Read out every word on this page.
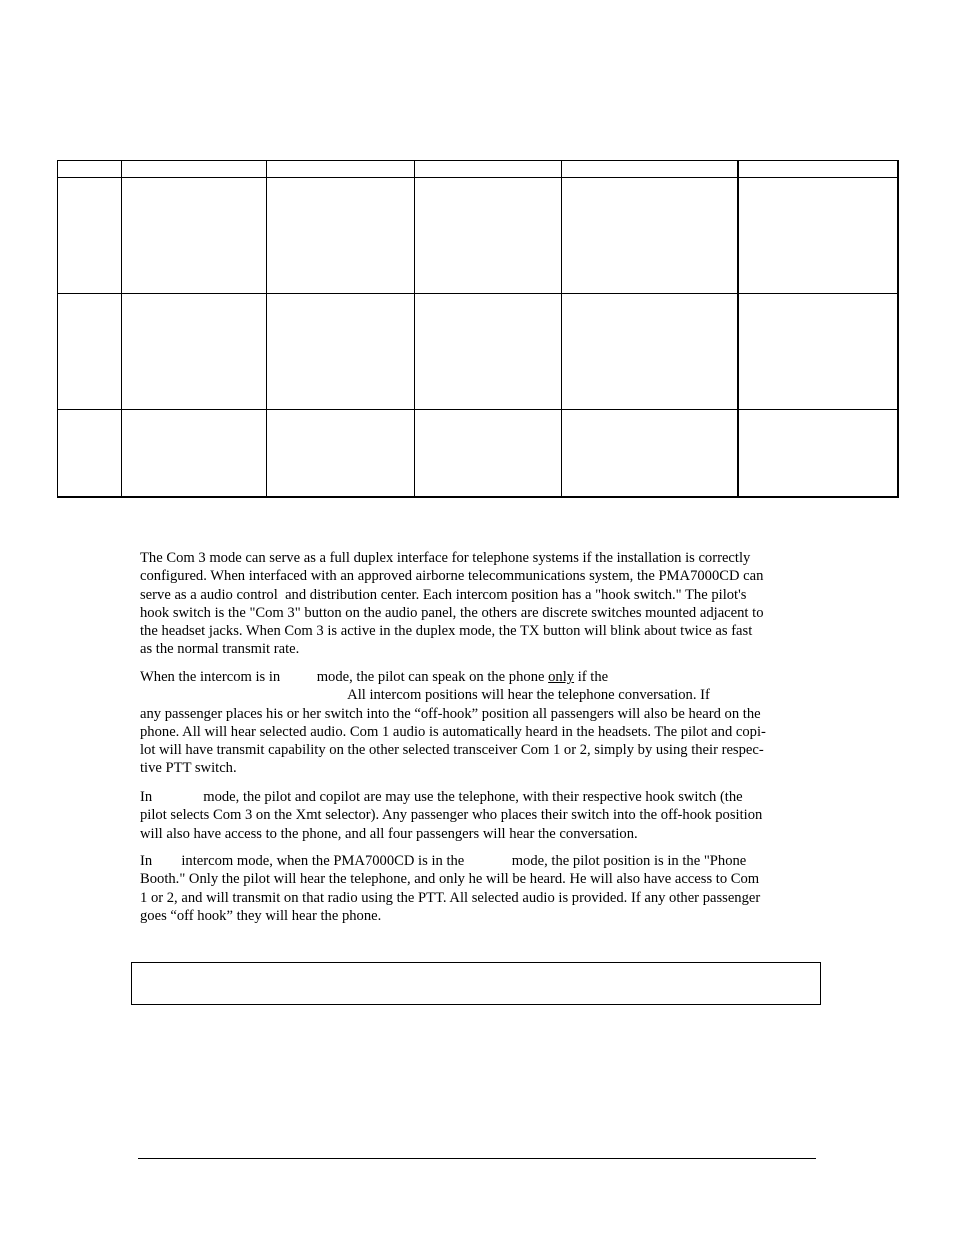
The Com 3 mode can serve as a full duplex interface for telephone systems if the installation is correctly
configured. When interfaced with an approved airborne telecommunications system, the PMA7000CD can
serve as a audio control  and distribution center. Each intercom position has a "hook switch." The pilot's
hook switch is the "Com 3" button on the audio panel, the others are discrete switches mounted adjacent to
the headset jacks. When Com 3 is active in the duplex mode, the TX button will blink about twice as fast
as the normal transmit rate.
When the intercom is in          mode, the pilot can speak on the phone only if the
All intercom positions will hear the telephone conversation. If
any passenger places his or her switch into the “off-hook” position all passengers will also be heard on the
phone. All will hear selected audio. Com 1 audio is automatically heard in the headsets. The pilot and copi-
lot will have transmit capability on the other selected transceiver Com 1 or 2, simply by using their respec-
tive PTT switch.
In              mode, the pilot and copilot are may use the telephone, with their respective hook switch (the
pilot selects Com 3 on the Xmt selector). Any passenger who places their switch into the off-hook position
will also have access to the phone, and all four passengers will hear the conversation.
In        intercom mode, when the PMA7000CD is in the             mode, the pilot position is in the "Phone
Booth." Only the pilot will hear the telephone, and only he will be heard. He will also have access to Com
1 or 2, and will transmit on that radio using the PTT. All selected audio is provided. If any other passenger
goes “off hook” they will hear the phone.
